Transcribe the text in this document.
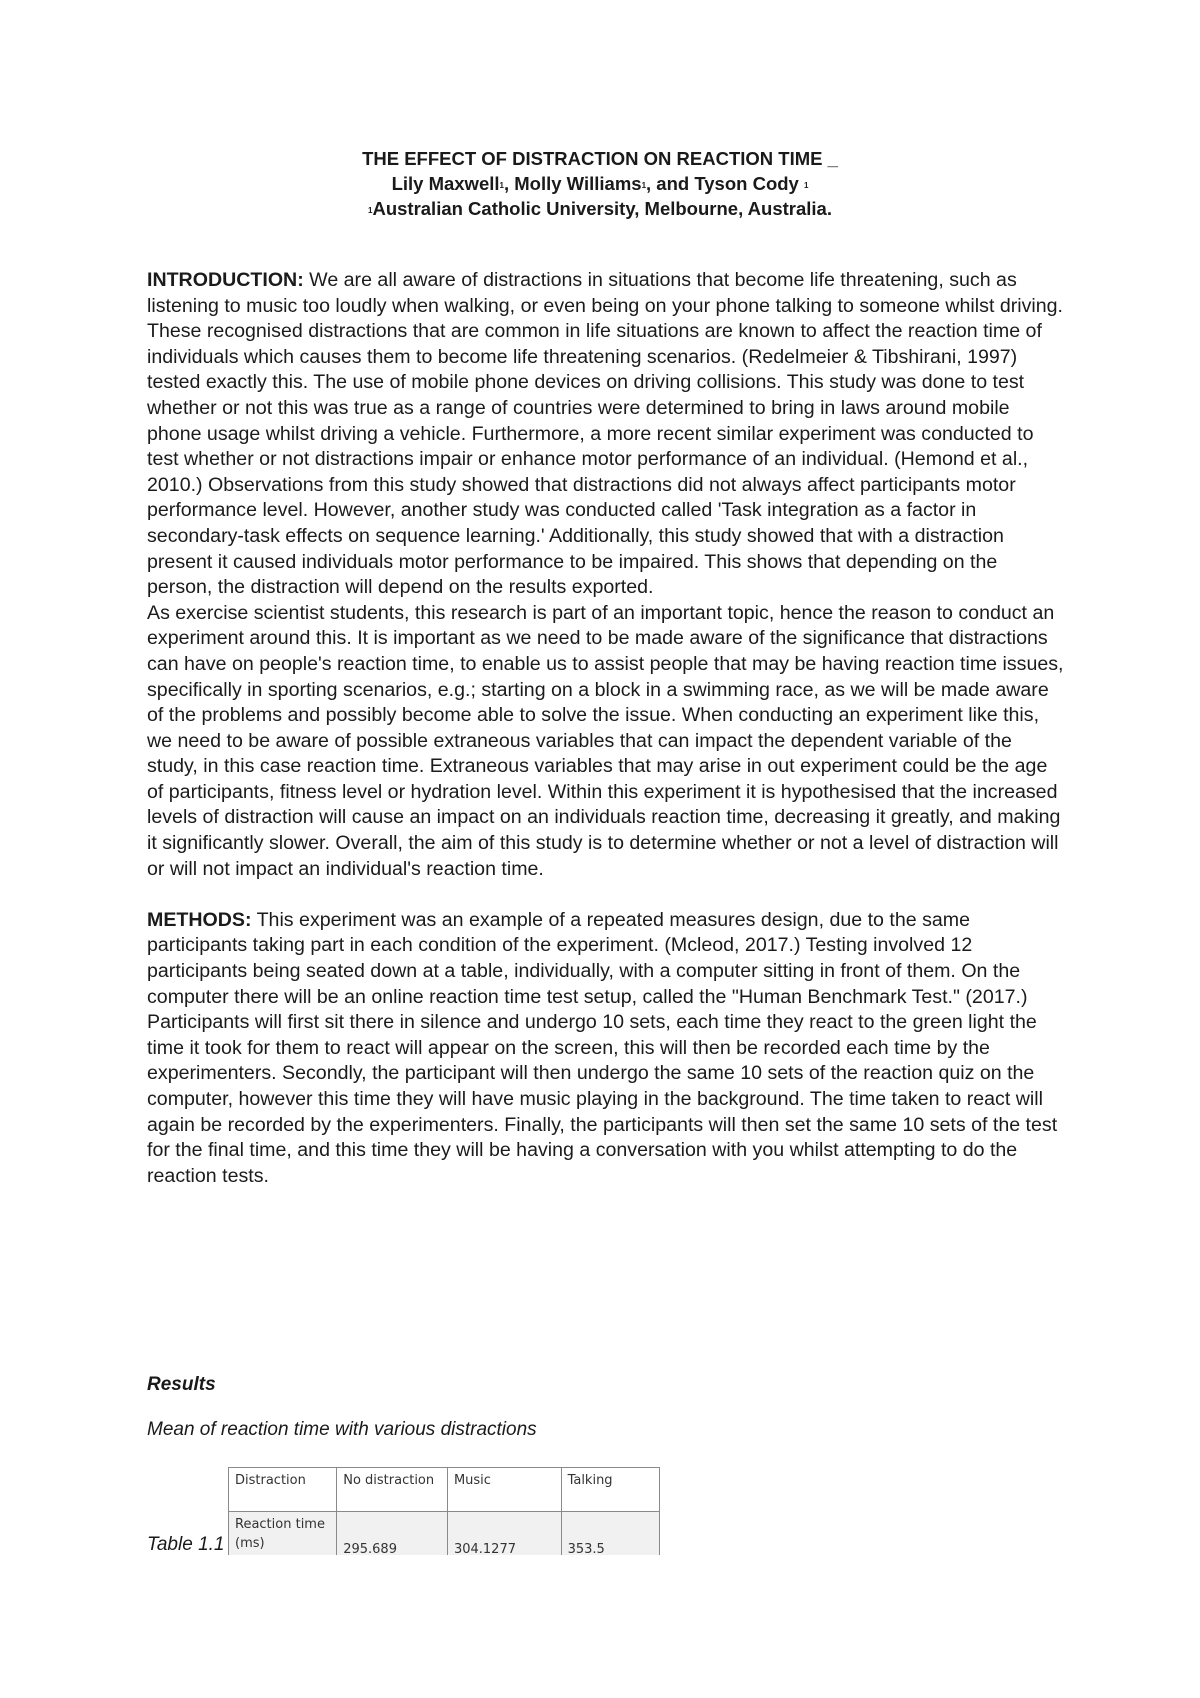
THE EFFECT OF DISTRACTION ON REACTION TIME _
Lily Maxwell$^1$, Molly Williams$^1$, and Tyson Cody $^1$
$^1$Australian Catholic University, Melbourne, Australia.

INTRODUCTION: We are all aware of distractions in situations that become life threatening, such as listening to music too loudly when walking, or even being on your phone talking to someone whilst driving. These recognised distractions that are common in life situations are known to affect the reaction time of individuals which causes them to become life threatening scenarios. (Redelmeier & Tibshirani, 1997) tested exactly this. The use of mobile phone devices on driving collisions. This study was done to test whether or not this was true as a range of countries were determined to bring in laws around mobile phone usage whilst driving a vehicle. Furthermore, a more recent similar experiment was conducted to test whether or not distractions impair or enhance motor performance of an individual. (Hemond et al., 2010.) Observations from this study showed that distractions did not always affect participants motor performance level. However, another study was conducted called 'Task integration as a factor in secondary-task effects on sequence learning.' Additionally, this study showed that with a distraction present it caused individuals motor performance to be impaired. This shows that depending on the person, the distraction will depend on the results exported.

As exercise scientist students, this research is part of an important topic, hence the reason to conduct an experiment around this. It is important as we need to be made aware of the significance that distractions can have on people's reaction time, to enable us to assist people that may be having reaction time issues, specifically in sporting scenarios, e.g.; starting on a block in a swimming race, as we will be made aware of the problems and possibly become able to solve the issue. When conducting an experiment like this, we need to be aware of possible extraneous variables that can impact the dependent variable of the study, in this case reaction time. Extraneous variables that may arise in out experiment could be the age of participants, fitness level or hydration level. Within this experiment it is hypothesised that the increased levels of distraction will cause an impact on an individuals reaction time, decreasing it greatly, and making it significantly slower. Overall, the aim of this study is to determine whether or not a level of distraction will or will not impact an individual's reaction time.

METHODS: This experiment was an example of a repeated measures design, due to the same participants taking part in each condition of the experiment. (Mcleod, 2017.) Testing involved 12 participants being seated down at a table, individually, with a computer sitting in front of them. On the computer there will be an online reaction time test setup, called the "Human Benchmark Test." (2017.) Participants will first sit there in silence and undergo 10 sets, each time they react to the green light the time it took for them to react will appear on the screen, this will then be recorded each time by the experimenters. Secondly, the participant will then undergo the same 10 sets of the reaction quiz on the computer, however this time they will have music playing in the background. The time taken to react will again be recorded by the experimenters. Finally, the participants will then set the same 10 sets of the test for the final time, and this time they will be having a conversation with you whilst attempting to do the reaction tests.

Results
Mean of reaction time with various distractions
Table 1.1
Distraction	No distraction	Music	Talking
Reaction time (ms)	295.689	304.1277	353.5
